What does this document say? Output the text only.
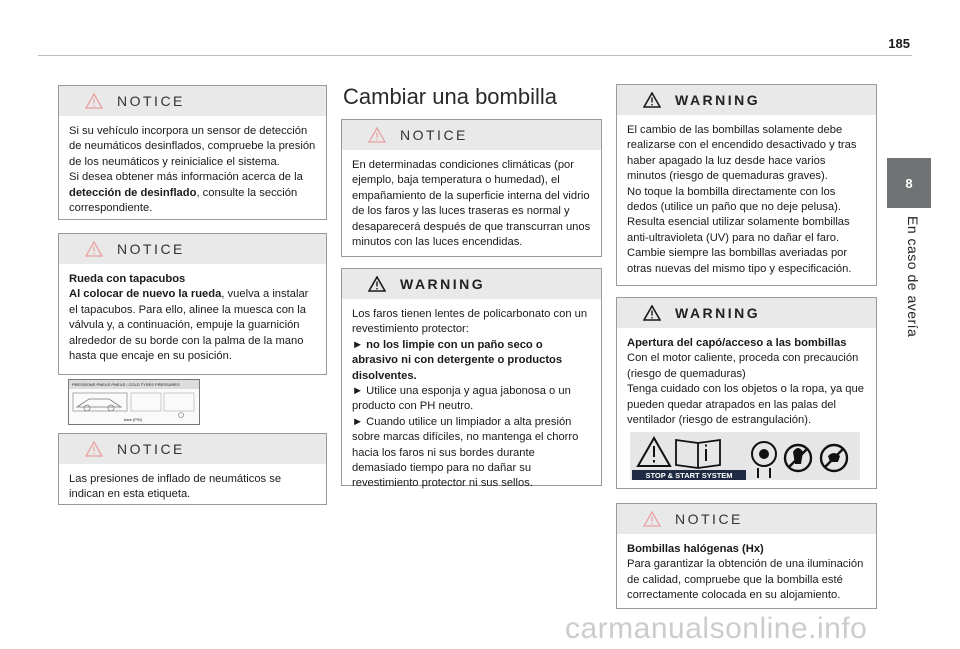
185
8
En caso de avería
NOTICE

Si su vehículo incorpora un sensor de detección de neumáticos desinflados, compruebe la presión de los neumáticos y reinicialice el sistema.

Si desea obtener más información acerca de la detección de desinflado, consulte la sección correspondiente.

NOTICE

Rueda con tapacubos

Al colocar de nuevo la rueda, vuelva a instalar el tapacubos. Para ello, alinee la muesca con la válvula y, a continuación, empuje la guarnición alrededor de su borde con la palma de la mano hasta que encaje en su posición.

PRESSIONS PNEUS PNEUS / COLD TYRES PRESSURES
bars (PSI)
NOTICE

Las presiones de inflado de neumáticos se indican en esta etiqueta.

Cambiar una bombilla
NOTICE

En determinadas condiciones climáticas (por ejemplo, baja temperatura o humedad), el empañamiento de la superficie interna del vidrio de los faros y las luces traseras es normal y desaparecerá después de que transcurran unos minutos con las luces encendidas.

WARNING

Los faros tienen lentes de policarbonato con un revestimiento protector:

► no los limpie con un paño seco o abrasivo ni con detergente o productos disolventes.

► Utilice una esponja y agua jabonosa o un producto con PH neutro.

► Cuando utilice un limpiador a alta presión sobre marcas difíciles, no mantenga el chorro hacia los faros ni sus bordes durante demasiado tiempo para no dañar su revestimiento protector ni sus sellos.

WARNING

El cambio de las bombillas solamente debe realizarse con el encendido desactivado y tras haber apagado la luz desde hace varios minutos (riesgo de quemaduras graves).

No toque la bombilla directamente con los dedos (utilice un paño que no deje pelusa).

Resulta esencial utilizar solamente bombillas anti-ultravioleta (UV) para no dañar el faro.

Cambie siempre las bombillas averiadas por otras nuevas del mismo tipo y especificación.

WARNING

Apertura del capó/acceso a las bombillas

Con el motor caliente, proceda con precaución (riesgo de quemaduras)

Tenga cuidado con los objetos o la ropa, ya que pueden quedar atrapados en las palas del ventilador (riesgo de estrangulación).

STOP & START SYSTEM
NOTICE

Bombillas halógenas (Hx)

Para garantizar la obtención de una iluminación de calidad, compruebe que la bombilla esté correctamente colocada en su alojamiento.

carmanualsonline.info
